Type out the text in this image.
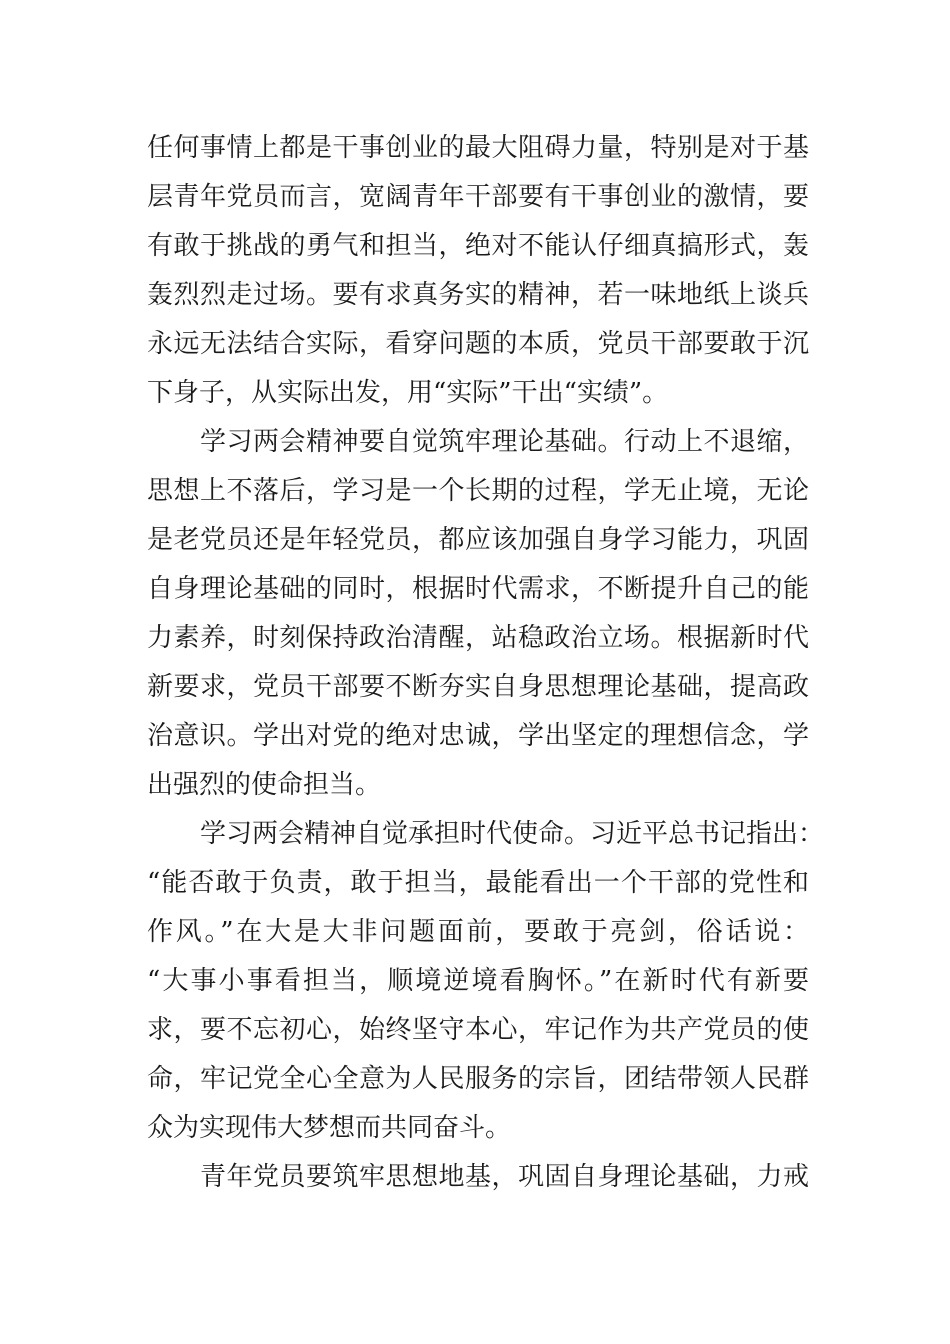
任何事情上都是干事创业的最大阻碍力量，特别是对于基
层青年党员而言，宽阔青年干部要有干事创业的激情，要
有敢于挑战的勇气和担当，绝对不能认仔细真搞形式，轰
轰烈烈走过场。要有求真务实的精神，若一味地纸上谈兵
永远无法结合实际，看穿问题的本质，党员干部要敢于沉
下身子，从实际出发，用“实际”干出“实绩”。
学习两会精神要自觉筑牢理论基础。行动上不退缩，
思想上不落后，学习是一个长期的过程，学无止境，无论
是老党员还是年轻党员，都应该加强自身学习能力，巩固
自身理论基础的同时，根据时代需求，不断提升自己的能
力素养，时刻保持政治清醒，站稳政治立场。根据新时代
新要求，党员干部要不断夯实自身思想理论基础，提高政
治意识。学出对党的绝对忠诚，学出坚定的理想信念，学
出强烈的使命担当。
学习两会精神自觉承担时代使命。习近平总书记指出：
“能否敢于负责，敢于担当，最能看出一个干部的党性和
作风。”在大是大非问题面前，要敢于亮剑，俗话说：
“大事小事看担当，顺境逆境看胸怀。”在新时代有新要
求，要不忘初心，始终坚守本心，牢记作为共产党员的使
命，牢记党全心全意为人民服务的宗旨，团结带领人民群
众为实现伟大梦想而共同奋斗。
青年党员要筑牢思想地基，巩固自身理论基础，力戒
